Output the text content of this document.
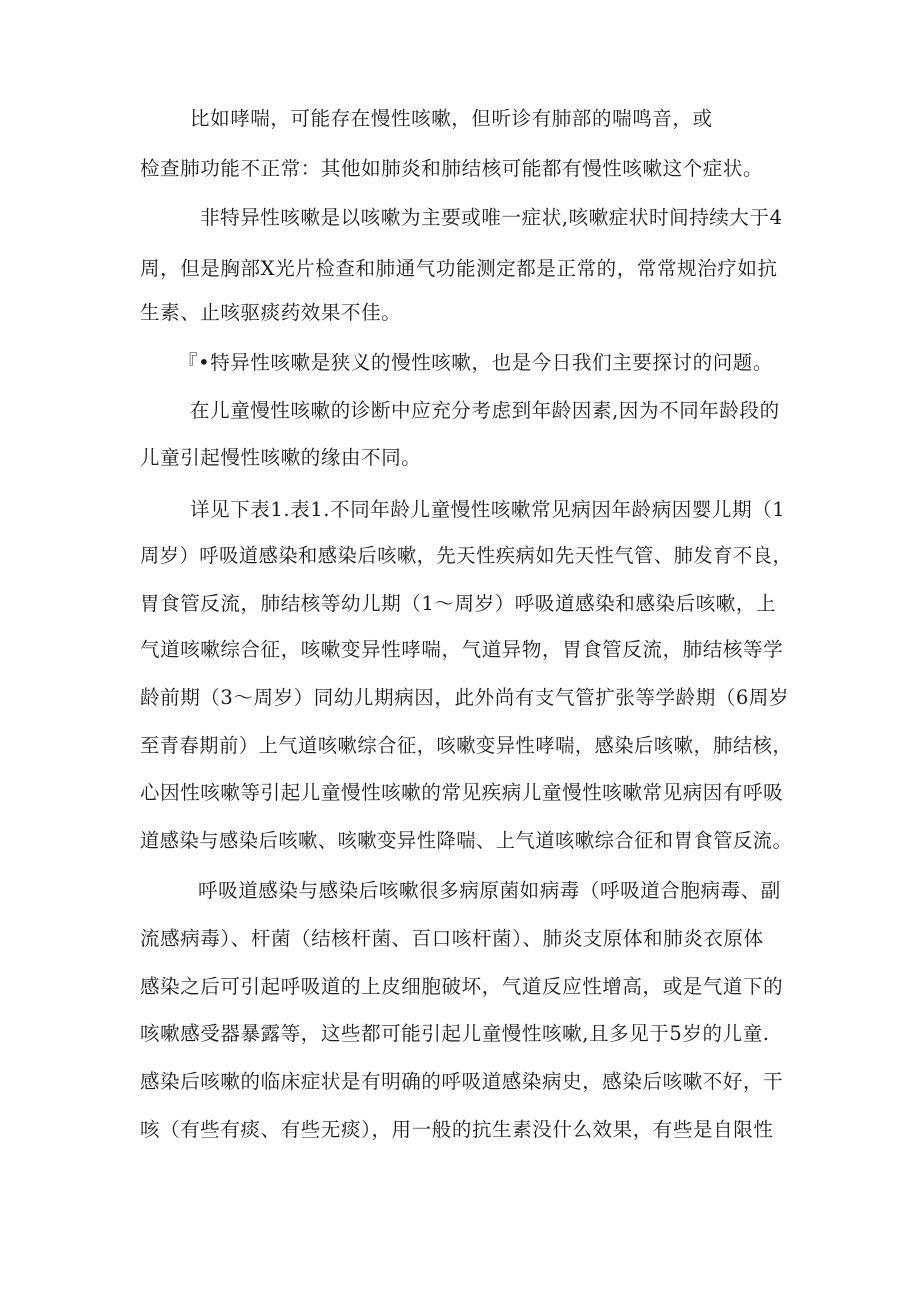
比如哮喘，可能存在慢性咳嗽，但听诊有肺部的喘鸣音，或

检查肺功能不正常：其他如肺炎和肺结核可能都有慢性咳嗽这个症状。

非特异性咳嗽是以咳嗽为主要或唯一症状,咳嗽症状时间持续大于4

周，但是胸部X光片检查和肺通气功能测定都是正常的，常常规治疗如抗

生素、止咳驱痰药效果不佳。

『•特异性咳嗽是狭义的慢性咳嗽，也是今日我们主要探讨的问题。

在儿童慢性咳嗽的诊断中应充分考虑到年龄因素,因为不同年龄段的

儿童引起慢性咳嗽的缘由不同。

详见下表1.表1.不同年龄儿童慢性咳嗽常见病因年龄病因婴儿期（1

周岁）呼吸道感染和感染后咳嗽，先天性疾病如先天性气管、肺发育不良，

胃食管反流，肺结核等幼儿期（1～周岁）呼吸道感染和感染后咳嗽，上

气道咳嗽综合征，咳嗽变异性哮喘，气道异物，胃食管反流，肺结核等学

龄前期（3～周岁）同幼儿期病因，此外尚有支气管扩张等学龄期（6周岁

至青春期前）上气道咳嗽综合征，咳嗽变异性哮喘，感染后咳嗽，肺结核，

心因性咳嗽等引起儿童慢性咳嗽的常见疾病儿童慢性咳嗽常见病因有呼吸

道感染与感染后咳嗽、咳嗽变异性降喘、上气道咳嗽综合征和胃食管反流。

呼吸道感染与感染后咳嗽很多病原菌如病毒（呼吸道合胞病毒、副

流感病毒）、杆菌（结核杆菌、百口咳杆菌）、肺炎支原体和肺炎衣原体

感染之后可引起呼吸道的上皮细胞破坏，气道反应性增高，或是气道下的

咳嗽感受器暴露等，这些都可能引起儿童慢性咳嗽,且多见于5岁的儿童.

感染后咳嗽的临床症状是有明确的呼吸道感染病史，感染后咳嗽不好，干

咳（有些有痰、有些无痰），用一般的抗生素没什么效果，有些是自限性
